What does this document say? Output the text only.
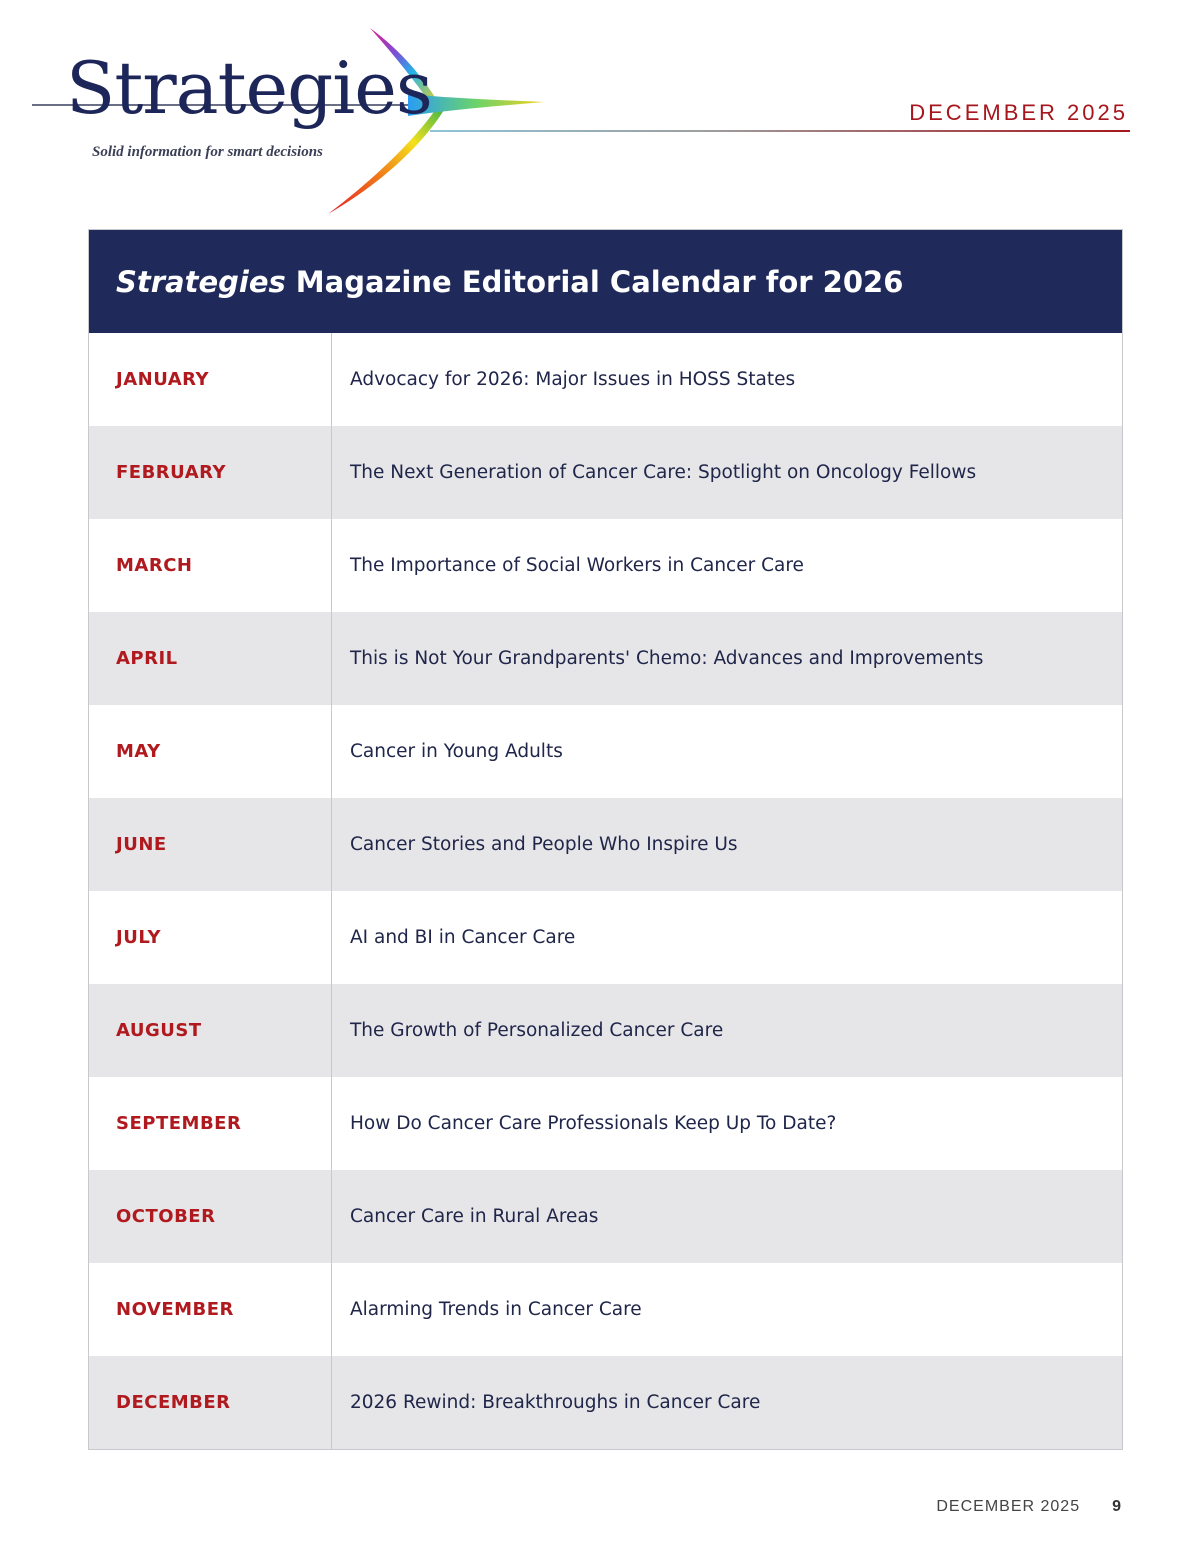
Strategies
Solid information for smart decisions
DECEMBER 2025
Strategies Magazine Editorial Calendar for 2026
JANUARY	Advocacy for 2026: Major Issues in HOSS States
FEBRUARY	The Next Generation of Cancer Care: Spotlight on Oncology Fellows
MARCH	The Importance of Social Workers in Cancer Care
APRIL	This is Not Your Grandparents' Chemo: Advances and Improvements
MAY	Cancer in Young Adults
JUNE	Cancer Stories and People Who Inspire Us
JULY	AI and BI in Cancer Care
AUGUST	The Growth of Personalized Cancer Care
SEPTEMBER	How Do Cancer Care Professionals Keep Up To Date?
OCTOBER	Cancer Care in Rural Areas
NOVEMBER	Alarming Trends in Cancer Care
DECEMBER	2026 Rewind: Breakthroughs in Cancer Care
DECEMBER 2025 9
